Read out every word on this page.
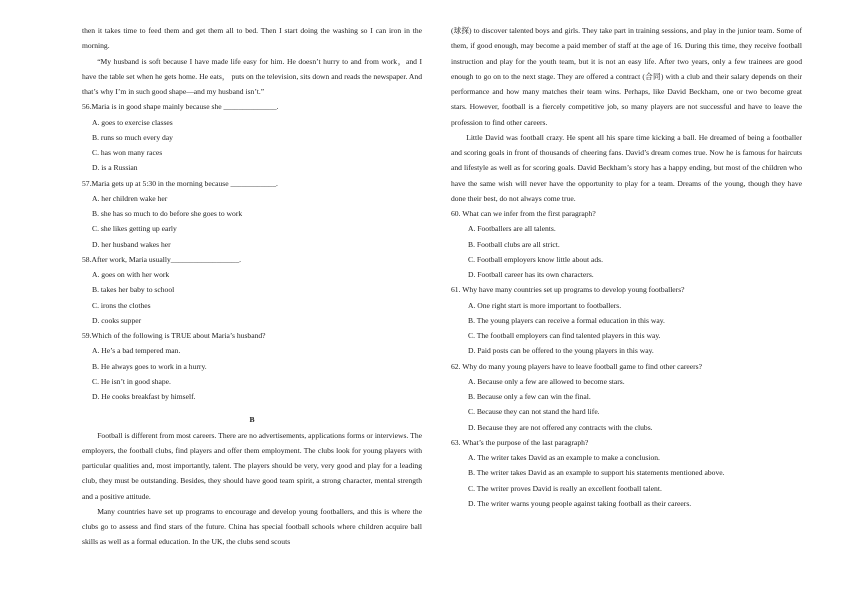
then it takes time to feed them and get them all to bed. Then I start doing the washing so I can iron in the morning.

“My husband is soft because I have made life easy for him. He doesn’t hurry to and from work，and I have the table set when he gets home. He eats， puts on the television, sits down and reads the newspaper. And that’s why I’m in such good shape—and my husband isn’t.”

56.Maria is in good shape mainly because she ______________.

A. goes to exercise classes

B. runs so much every day

C. has won many races

D. is a Russian

57.Maria gets up at 5:30 in the morning because ____________.

A. her children wake her

B. she has so much to do before she goes to work

C. she likes getting up early

D. her husband wakes her

58.After work, Maria usually__________________.

A. goes on with her work

B. takes her baby to school

C. irons the clothes

D. cooks supper

59.Which of the following is TRUE about Maria’s husband?

A. He’s a bad tempered man.

B. He always goes to work in a hurry.

C. He isn’t in good shape.

D. He cooks breakfast by himself.

B

Football is different from most careers. There are no advertisements, applications forms or interviews. The employers, the football clubs, find players and offer them employment. The clubs look for young players with particular qualities and, most importantly, talent. The players should be very, very good and play for a leading club, they must be outstanding. Besides, they should have good team spirit, a strong character, mental strength and a positive attitude.

Many countries have set up programs to encourage and develop young footballers, and this is where the clubs go to assess and find stars of the future. China has special football schools where children acquire ball skills as well as a formal education. In the UK, the clubs send scouts

(球探) to discover talented boys and girls. They take part in training sessions, and play in the junior team. Some of them, if good enough, may become a paid member of staff at the age of 16. During this time, they receive football instruction and play for the youth team, but it is not an easy life. After two years, only a few trainees are good enough to go on to the next stage. They are offered a contract (合同) with a club and their salary depends on their performance and how many matches their team wins. Perhaps, like David Beckham, one or two become great stars. However, football is a fiercely competitive job, so many players are not successful and have to leave the profession to find other careers.

Little David was football crazy. He spent all his spare time kicking a ball. He dreamed of being a footballer and scoring goals in front of thousands of cheering fans. David’s dream comes true. Now he is famous for haircuts and lifestyle as well as for scoring goals. David Beckham’s story has a happy ending, but most of the children who have the same wish will never have the opportunity to play for a team. Dreams of the young, though they have done their best, do not always come true.

60. What can we infer from the first paragraph?

A. Footballers are all talents.

B. Football clubs are all strict.

C. Football employers know little about ads.

D. Football career has its own characters.

61. Why have many countries set up programs to develop young footballers?

A. One right start is more important to footballers.

B. The young players can receive a formal education in this way.

C. The football employers can find talented players in this way.

D. Paid posts can be offered to the young players in this way.

62. Why do many young players have to leave football game to find other careers?

A. Because only a few are allowed to become stars.

B. Because only a few can win the final.

C. Because they can not stand the hard life.

D. Because they are not offered any contracts with the clubs.

63. What’s the purpose of the last paragraph?

A. The writer takes David as an example to make a conclusion.

B. The writer takes David as an example to support his statements mentioned above.

C. The writer proves David is really an excellent football talent.

D. The writer warns young people against taking football as their careers.
